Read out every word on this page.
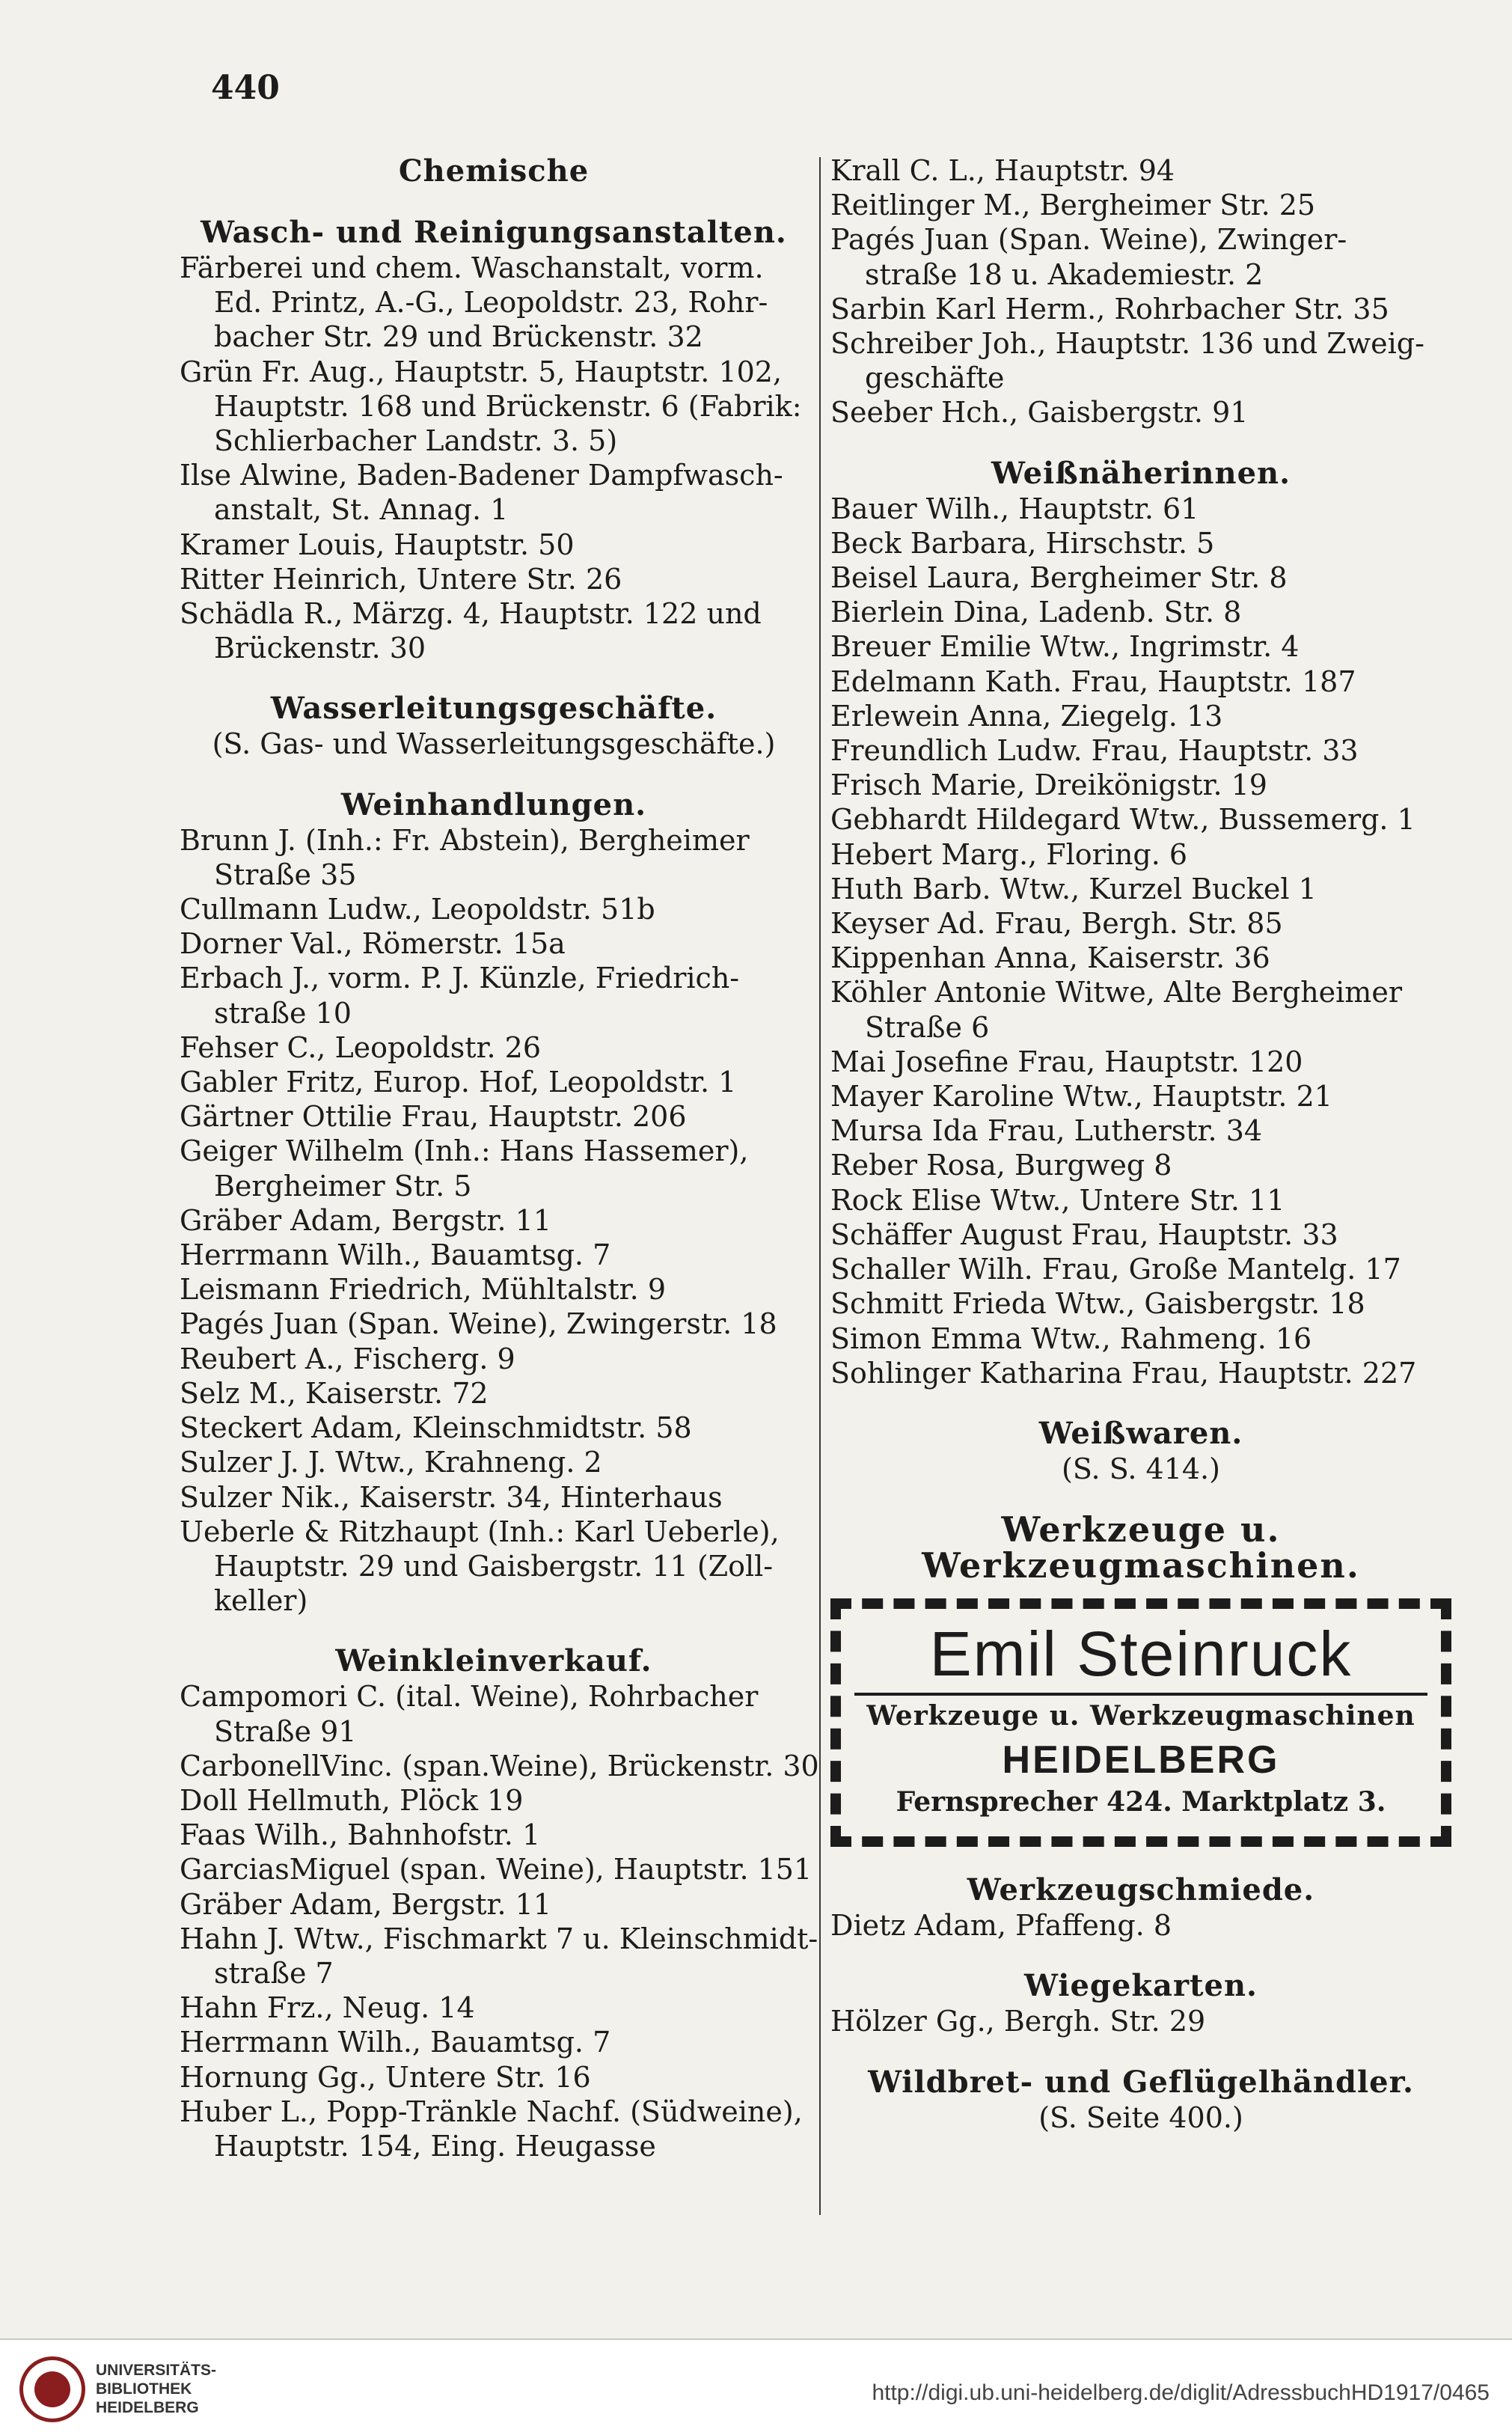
440
Chemische
Wasch- und Reinigungsanstalten.
Färberei und chem. Waschanstalt, vorm.
Ed. Printz, A.-G., Leopoldstr. 23, Rohr-
bacher Str. 29 und Brückenstr. 32
Grün Fr. Aug., Hauptstr. 5, Hauptstr. 102,
Hauptstr. 168 und Brückenstr. 6 (Fabrik:
Schlierbacher Landstr. 3. 5)
Ilse Alwine, Baden-Badener Dampfwasch-
anstalt, St. Annag. 1
Kramer Louis, Hauptstr. 50
Ritter Heinrich, Untere Str. 26
Schädla R., Märzg. 4, Hauptstr. 122 und
Brückenstr. 30
Wasserleitungsgeschäfte.
(S. Gas- und Wasserleitungsgeschäfte.)
Weinhandlungen.
Brunn J. (Inh.: Fr. Abstein), Bergheimer
Straße 35
Cullmann Ludw., Leopoldstr. 51b
Dorner Val., Römerstr. 15a
Erbach J., vorm. P. J. Künzle, Friedrich-
straße 10
Fehser C., Leopoldstr. 26
Gabler Fritz, Europ. Hof, Leopoldstr. 1
Gärtner Ottilie Frau, Hauptstr. 206
Geiger Wilhelm (Inh.: Hans Hassemer),
Bergheimer Str. 5
Gräber Adam, Bergstr. 11
Herrmann Wilh., Bauamtsg. 7
Leismann Friedrich, Mühltalstr. 9
Pagés Juan (Span. Weine), Zwingerstr. 18
Reubert A., Fischerg. 9
Selz M., Kaiserstr. 72
Steckert Adam, Kleinschmidtstr. 58
Sulzer J. J. Wtw., Krahneng. 2
Sulzer Nik., Kaiserstr. 34, Hinterhaus
Ueberle & Ritzhaupt (Inh.: Karl Ueberle),
Hauptstr. 29 und Gaisbergstr. 11 (Zoll-
keller)
Weinkleinverkauf.
Campomori C. (ital. Weine), Rohrbacher
Straße 91
CarbonellVinc. (span.Weine), Brückenstr. 30
Doll Hellmuth, Plöck 19
Faas Wilh., Bahnhofstr. 1
GarciasMiguel (span. Weine), Hauptstr. 151
Gräber Adam, Bergstr. 11
Hahn J. Wtw., Fischmarkt 7 u. Kleinschmidt-
straße 7
Hahn Frz., Neug. 14
Herrmann Wilh., Bauamtsg. 7
Hornung Gg., Untere Str. 16
Huber L., Popp-Tränkle Nachf. (Südweine),
Hauptstr. 154, Eing. Heugasse
Krall C. L., Hauptstr. 94
Reitlinger M., Bergheimer Str. 25
Pagés Juan (Span. Weine), Zwinger-
straße 18 u. Akademiestr. 2
Sarbin Karl Herm., Rohrbacher Str. 35
Schreiber Joh., Hauptstr. 136 und Zweig-
geschäfte
Seeber Hch., Gaisbergstr. 91
Weißnäherinnen.
Bauer Wilh., Hauptstr. 61
Beck Barbara, Hirschstr. 5
Beisel Laura, Bergheimer Str. 8
Bierlein Dina, Ladenb. Str. 8
Breuer Emilie Wtw., Ingrimstr. 4
Edelmann Kath. Frau, Hauptstr. 187
Erlewein Anna, Ziegelg. 13
Freundlich Ludw. Frau, Hauptstr. 33
Frisch Marie, Dreikönigstr. 19
Gebhardt Hildegard Wtw., Bussemerg. 1
Hebert Marg., Floring. 6
Huth Barb. Wtw., Kurzel Buckel 1
Keyser Ad. Frau, Bergh. Str. 85
Kippenhan Anna, Kaiserstr. 36
Köhler Antonie Witwe, Alte Bergheimer
Straße 6
Mai Josefine Frau, Hauptstr. 120
Mayer Karoline Wtw., Hauptstr. 21
Mursa Ida Frau, Lutherstr. 34
Reber Rosa, Burgweg 8
Rock Elise Wtw., Untere Str. 11
Schäffer August Frau, Hauptstr. 33
Schaller Wilh. Frau, Große Mantelg. 17
Schmitt Frieda Wtw., Gaisbergstr. 18
Simon Emma Wtw., Rahmeng. 16
Sohlinger Katharina Frau, Hauptstr. 227
Weißwaren.
(S. S. 414.)
Werkzeuge u. Werkzeugmaschinen.
Emil Steinruck
Werkzeuge u. Werkzeugmaschinen
HEIDELBERG
Fernsprecher 424. Marktplatz 3.
Werkzeugschmiede.
Dietz Adam, Pfaffeng. 8
Wiegekarten.
Hölzer Gg., Bergh. Str. 29
Wildbret- und Geflügelhändler.
(S. Seite 400.)
UNIVERSITÄTS-
BIBLIOTHEK
HEIDELBERG
http://digi.ub.uni-heidelberg.de/diglit/AdressbuchHD1917/0465
